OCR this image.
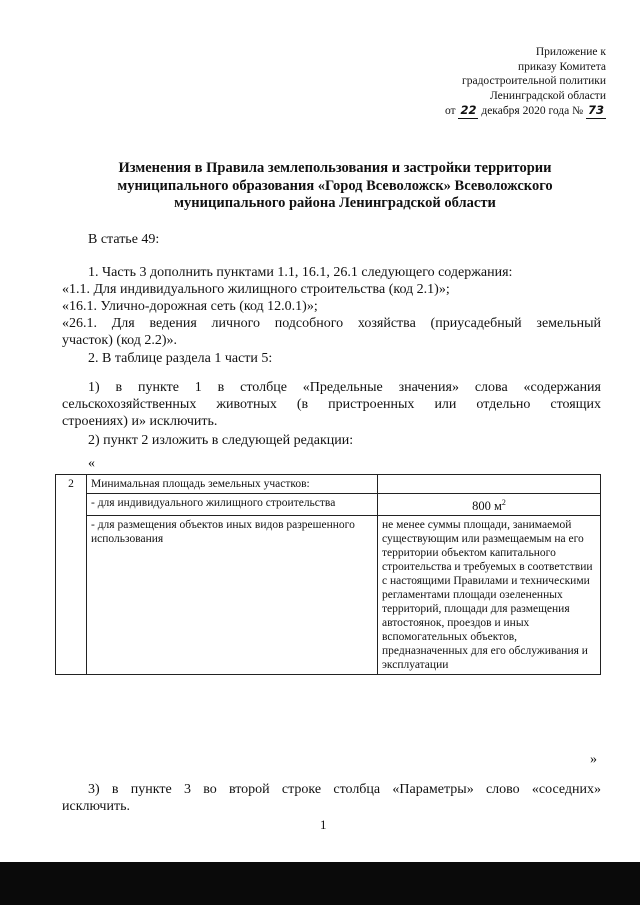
Приложение к
приказу Комитета
градостроительной политики
Ленинградской области
от 22 декабря 2020 года № 73
Изменения в Правила землепользования и застройки территории
муниципального образования «Город Всеволожск» Всеволожского
муниципального района Ленинградской области
В статье 49:
1. Часть 3 дополнить пунктами 1.1, 16.1, 26.1 следующего содержания:
«1.1. Для индивидуального жилищного строительства (код 2.1)»;
«16.1. Улично-дорожная сеть (код 12.0.1)»;
«26.1. Для ведения личного подсобного хозяйства (приусадебный земельный
участок) (код 2.2)».
2. В таблице раздела 1 части 5:
1) в пункте 1 в столбце «Предельные значения» слова «содержания
сельскохозяйственных животных (в пристроенных или отдельно стоящих
строениях) и» исключить.
2) пункт 2 изложить в следующей редакции:
«
2	Минимальная площадь земельных участков:	
	- для индивидуального жилищного строительства	800 $м^2$
	- для размещения объектов иных видов разрешенного использования	не менее суммы площади, занимаемой существующим или размещаемым на его территории объектом капитального строительства и требуемых в соответствии с настоящими Правилами и техническими регламентами площади озелененных территорий, площади для размещения автостоянок, проездов и иных вспомогательных объектов, предназначенных для его обслуживания и эксплуатации
»
3) в пункте 3 во второй строке столбца «Параметры» слово «соседних»
исключить.
1
